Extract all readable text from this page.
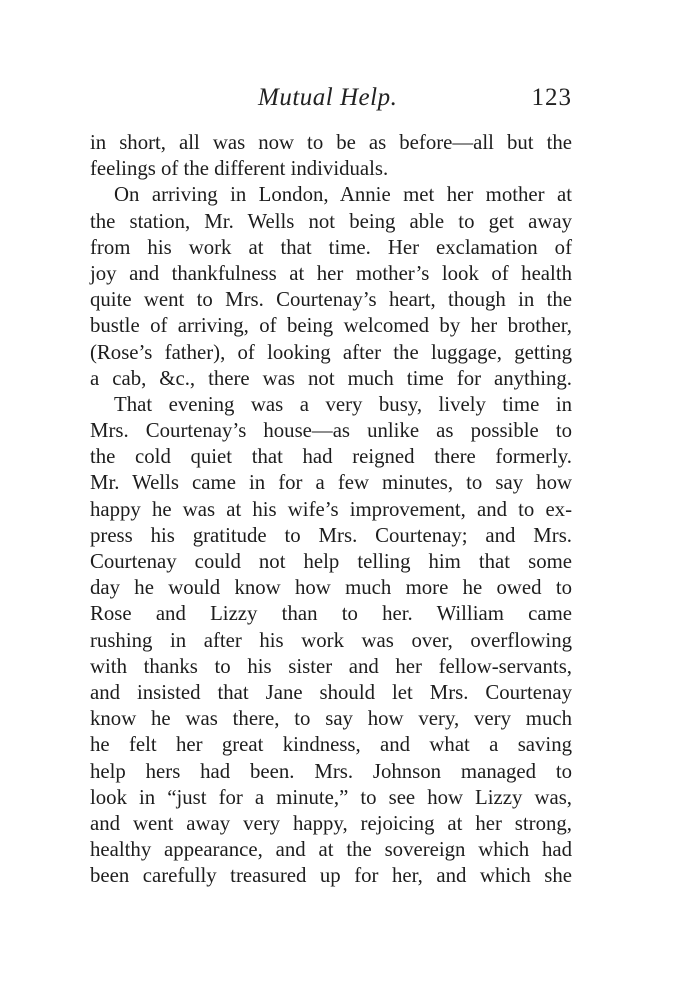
Mutual Help.	123
in short, all was now to be as before—all but the
feelings of the different individuals.
On arriving in London, Annie met her mother at
the station, Mr. Wells not being able to get away
from his work at that time. Her exclamation of
joy and thankfulness at her mother’s look of health
quite went to Mrs. Courtenay’s heart, though in the
bustle of arriving, of being welcomed by her brother,
(Rose’s father), of looking after the luggage, getting
a cab, &c., there was not much time for anything.
That evening was a very busy, lively time in
Mrs. Courtenay’s house—as unlike as possible to
the cold quiet that had reigned there formerly.
Mr. Wells came in for a few minutes, to say how
happy he was at his wife’s improvement, and to ex-
press his gratitude to Mrs. Courtenay; and Mrs.
Courtenay could not help telling him that some
day he would know how much more he owed to
Rose and Lizzy than to her. William came
rushing in after his work was over, overflowing
with thanks to his sister and her fellow-servants,
and insisted that Jane should let Mrs. Courtenay
know he was there, to say how very, very much
he felt her great kindness, and what a saving
help hers had been. Mrs. Johnson managed to
look in “just for a minute,” to see how Lizzy was,
and went away very happy, rejoicing at her strong,
healthy appearance, and at the sovereign which had
been carefully treasured up for her, and which she
